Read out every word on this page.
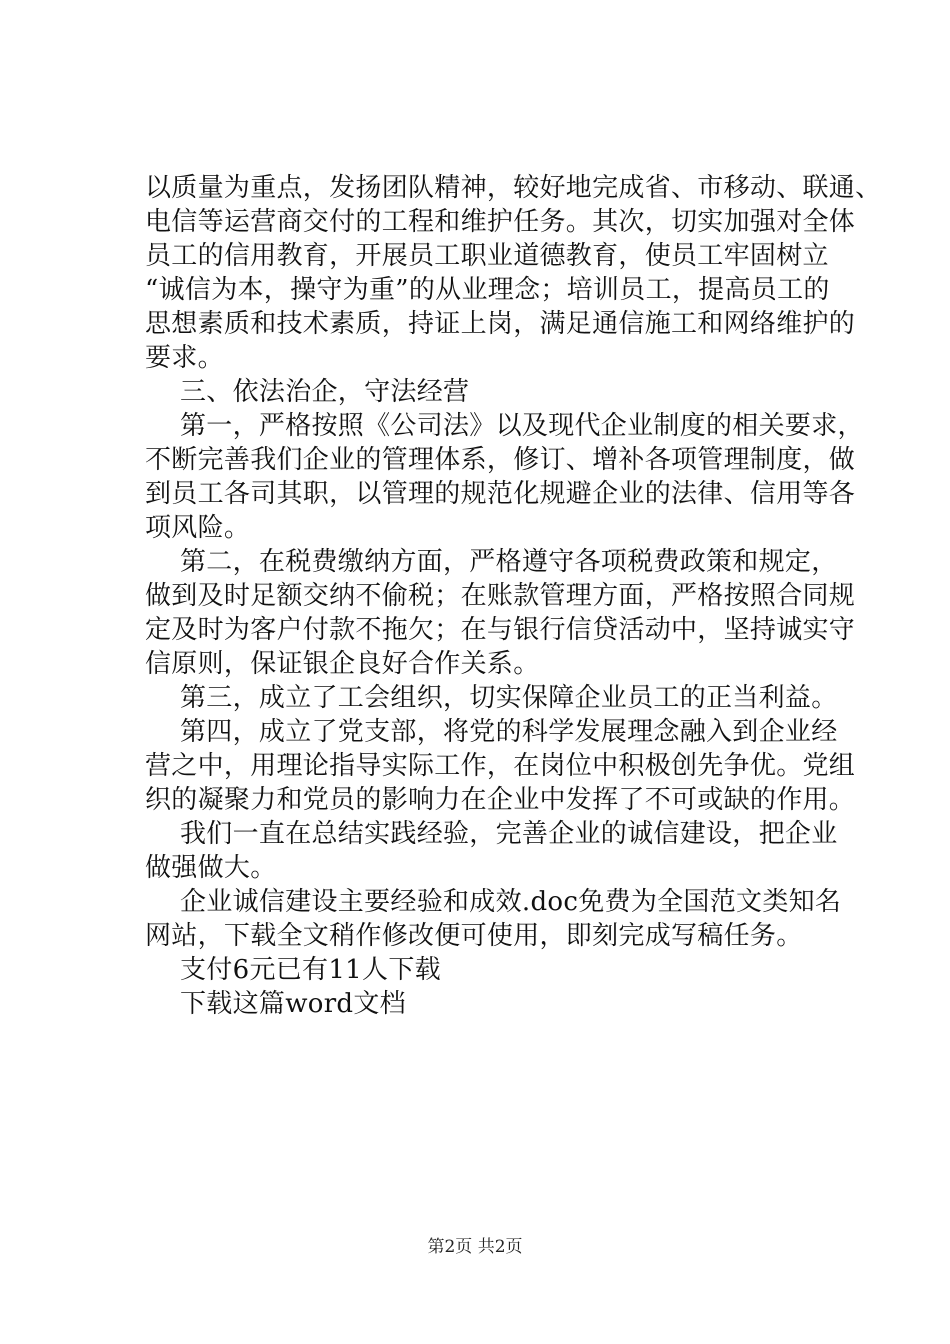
以质量为重点，发扬团队精神，较好地完成省、市移动、联通、
电信等运营商交付的工程和维护任务。其次，切实加强对全体
员工的信用教育，开展员工职业道德教育，使员工牢固树立
“诚信为本，操守为重”的从业理念；培训员工，提高员工的
思想素质和技术素质，持证上岗，满足通信施工和网络维护的
要求。
三、依法治企，守法经营
第一，严格按照《公司法》以及现代企业制度的相关要求，
不断完善我们企业的管理体系，修订、增补各项管理制度，做
到员工各司其职，以管理的规范化规避企业的法律、信用等各
项风险。
第二，在税费缴纳方面，严格遵守各项税费政策和规定，
做到及时足额交纳不偷税；在账款管理方面，严格按照合同规
定及时为客户付款不拖欠；在与银行信贷活动中，坚持诚实守
信原则，保证银企良好合作关系。
第三，成立了工会组织，切实保障企业员工的正当利益。
第四，成立了党支部，将党的科学发展理念融入到企业经
营之中，用理论指导实际工作，在岗位中积极创先争优。党组
织的凝聚力和党员的影响力在企业中发挥了不可或缺的作用。
我们一直在总结实践经验，完善企业的诚信建设，把企业
做强做大。
企业诚信建设主要经验和成效.doc免费为全国范文类知名
网站，下载全文稍作修改便可使用，即刻完成写稿任务。
支付6元已有11人下载
下载这篇word文档
第2页 共2页
